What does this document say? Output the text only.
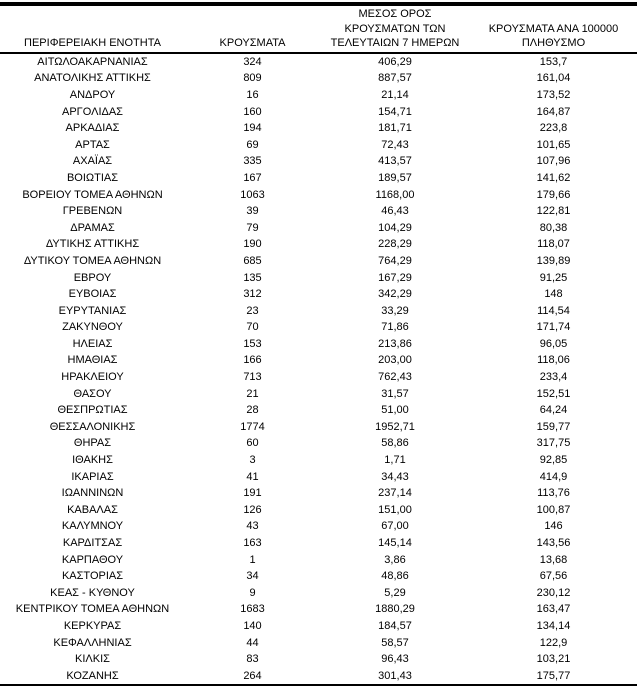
ΠΕΡΙΦΕΡΕΙΑΚΗ ΕΝΟΤΗΤΑ	ΚΡΟΥΣΜΑΤΑ	ΜΕΣΟΣ ΟΡΟΣ
ΚΡΟΥΣΜΑΤΩΝ ΤΩΝ
ΤΕΛΕΥΤΑΙΩΝ 7 ΗΜΕΡΩΝ	ΚΡΟΥΣΜΑΤΑ ΑΝΑ 100000
ΠΛΗΘΥΣΜΟ

ΑΙΤΩΛΟΑΚΑΡΝΑΝΙΑΣ	324	406,29	153,7
ΑΝΑΤΟΛΙΚΗΣ ΑΤΤΙΚΗΣ	809	887,57	161,04
ΑΝΔΡΟΥ	16	21,14	173,52
ΑΡΓΟΛΙΔΑΣ	160	154,71	164,87
ΑΡΚΑΔΙΑΣ	194	181,71	223,8
ΑΡΤΑΣ	69	72,43	101,65
ΑΧΑΪΑΣ	335	413,57	107,96
ΒΟΙΩΤΙΑΣ	167	189,57	141,62
ΒΟΡΕΙΟΥ ΤΟΜΕΑ ΑΘΗΝΩΝ	1063	1168,00	179,66
ΓΡΕΒΕΝΩΝ	39	46,43	122,81
ΔΡΑΜΑΣ	79	104,29	80,38
ΔΥΤΙΚΗΣ ΑΤΤΙΚΗΣ	190	228,29	118,07
ΔΥΤΙΚΟΥ ΤΟΜΕΑ ΑΘΗΝΩΝ	685	764,29	139,89
ΕΒΡΟΥ	135	167,29	91,25
ΕΥΒΟΙΑΣ	312	342,29	148
ΕΥΡΥΤΑΝΙΑΣ	23	33,29	114,54
ΖΑΚΥΝΘΟΥ	70	71,86	171,74
ΗΛΕΙΑΣ	153	213,86	96,05
ΗΜΑΘΙΑΣ	166	203,00	118,06
ΗΡΑΚΛΕΙΟΥ	713	762,43	233,4
ΘΑΣΟΥ	21	31,57	152,51
ΘΕΣΠΡΩΤΙΑΣ	28	51,00	64,24
ΘΕΣΣΑΛΟΝΙΚΗΣ	1774	1952,71	159,77
ΘΗΡΑΣ	60	58,86	317,75
ΙΘΑΚΗΣ	3	1,71	92,85
ΙΚΑΡΙΑΣ	41	34,43	414,9
ΙΩΑΝΝΙΝΩΝ	191	237,14	113,76
ΚΑΒΑΛΑΣ	126	151,00	100,87
ΚΑΛΥΜΝΟΥ	43	67,00	146
ΚΑΡΔΙΤΣΑΣ	163	145,14	143,56
ΚΑΡΠΑΘΟΥ	1	3,86	13,68
ΚΑΣΤΟΡΙΑΣ	34	48,86	67,56
ΚΕΑΣ - ΚΥΘΝΟΥ	9	5,29	230,12
ΚΕΝΤΡΙΚΟΥ ΤΟΜΕΑ ΑΘΗΝΩΝ	1683	1880,29	163,47
ΚΕΡΚΥΡΑΣ	140	184,57	134,14
ΚΕΦΑΛΛΗΝΙΑΣ	44	58,57	122,9
ΚΙΛΚΙΣ	83	96,43	103,21
ΚΟΖΑΝΗΣ	264	301,43	175,77
